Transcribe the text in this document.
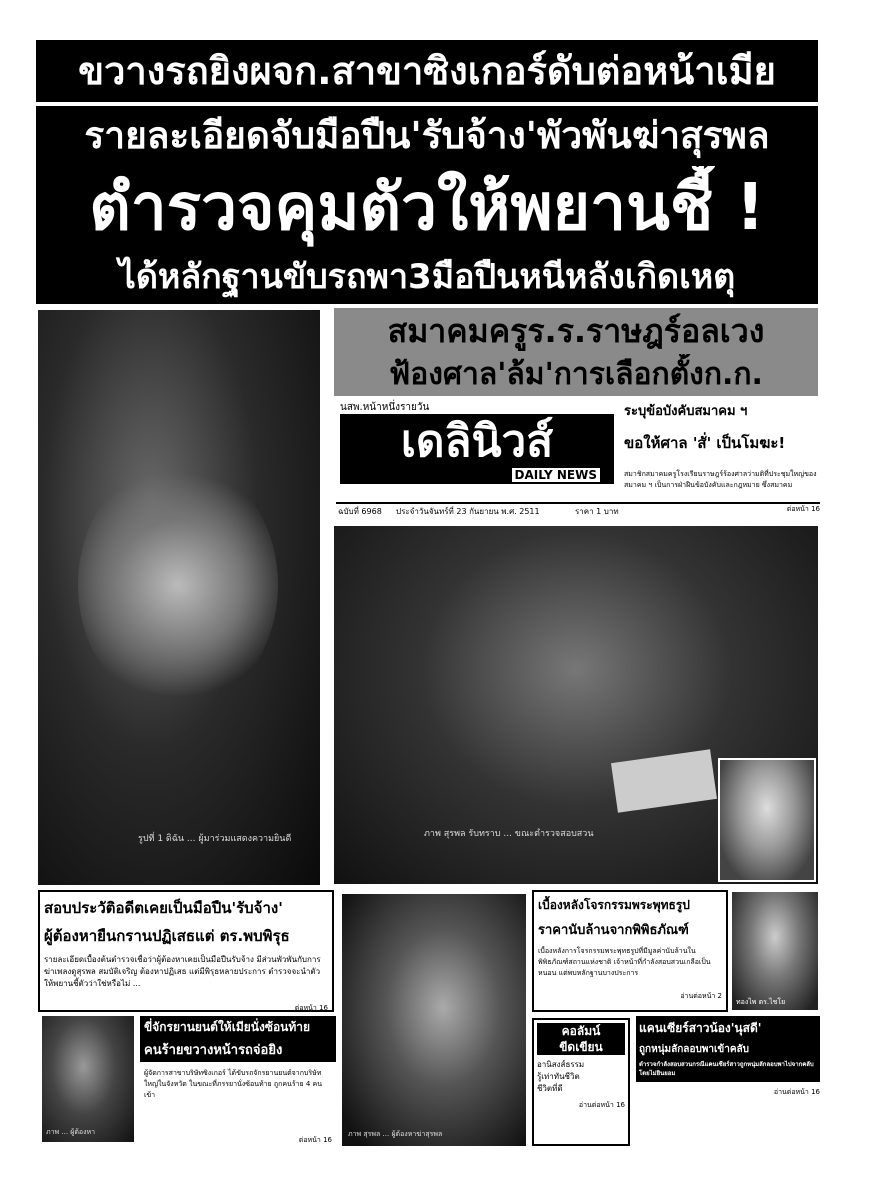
ขวางรถยิงผจก.สาขาซิงเกอร์ดับต่อหน้าเมีย
รายละเอียดจับมือปืน'รับจ้าง'พัวพันฆ่าสุรพล
ตำรวจคุมตัวให้พยานชี้ !
ได้หลักฐานขับรถพา3มือปืนหนีหลังเกิดเหตุ
รูปที่ 1 ดิฉัน ... ผู้มาร่วมแสดงความยินดี
สมาคมครูร.ร.ราษฎร์อลเวง
ฟ้องศาล'ล้ม'การเลือกตั้งก.ก.
นสพ.หน้าหนึ่งรายวัน
เดลินิวส์
DAILY NEWS
ฉบับที่ 6968 ประจำวันจันทร์ที่ 23 กันยายน พ.ศ. 2511	ราคา 1 บาท
ระบุข้อบังคับสมาคม ฯ
ขอให้ศาล 'สั่' เป็นโมฆะ!
สมาชิกสมาคมครูโรงเรียนราษฎร์ร้องศาลว่ามติที่ประชุมใหญ่ของสมาคม ฯ เป็นการฝ่าฝืนข้อบังคับและกฎหมาย ซึ่งสมาคม
ต่อหน้า 16
ภาพ สุรพล รับทราบ ... ขณะตำรวจสอบสวน
สอบประวัติอดีตเคยเป็นมือปืน'รับจ้าง'
ผู้ต้องหายืนกรานปฏิเสธแต่ ตร.พบพิรุธ
รายละเอียดเบื้องต้นตำรวจเชื่อว่าผู้ต้องหาเคยเป็นมือปืนรับจ้าง มีส่วนพัวพันกับการฆ่าเพลงดูสุรพล สมบัติเจริญ ต้องหาปฏิเสธ แต่มีพิรุธหลายประการ ตำรวจจะนำตัวให้พยานชี้ตัวว่าใช่หรือไม่ ...
ต่อหน้า 16
ภาพ ... ผู้ต้องหา
ขี่จักรยานยนต์ให้เมียนั่งซ้อนท้าย
คนร้ายขวางหน้ารถจ่อยิง
ผู้จัดการสาขาบริษัทซิงเกอร์ ได้ขับรถจักรยานยนต์จากบริษัทใหญ่ในจังหวัด ในขณะที่ภรรยานั่งซ้อนท้าย ถูกคนร้าย 4 คนเข้า
ต่อหน้า 16
ภาพ สุรพล ... ผู้ต้องหาฆ่าสุรพล
เบื้องหลังโจรกรรมพระพุทธรูป
ราคานับล้านจากพิพิธภัณฑ์
เบื้องหลังการโจรกรรมพระพุทธรูปที่มีมูลค่านับล้านในพิพิธภัณฑ์สถานแห่งชาติ เจ้าหน้าที่กำลังสอบสวนเกลือเป็นหนอน แต่พบหลักฐานบางประการ
อ่านต่อหน้า 2
ทองไพ ตร.ไชโย
คอลัมน์
ขีดเขียน
อานิสงส์ธรรม
รู้เท่าทันชีวิต
ชีวิตที่ดี
อ่านต่อหน้า 16
แคนเซียร์สาวน้อง'นุสดี'
ถูกหนุ่มลักลอบพาเข้าคลับ
ตำรวจกำลังสอบสวนกรณีแคนเซียร์สาวถูกหนุ่มลักลอบพาไปจากคลับโดยไม่ยินยอม
อ่านต่อหน้า 16
